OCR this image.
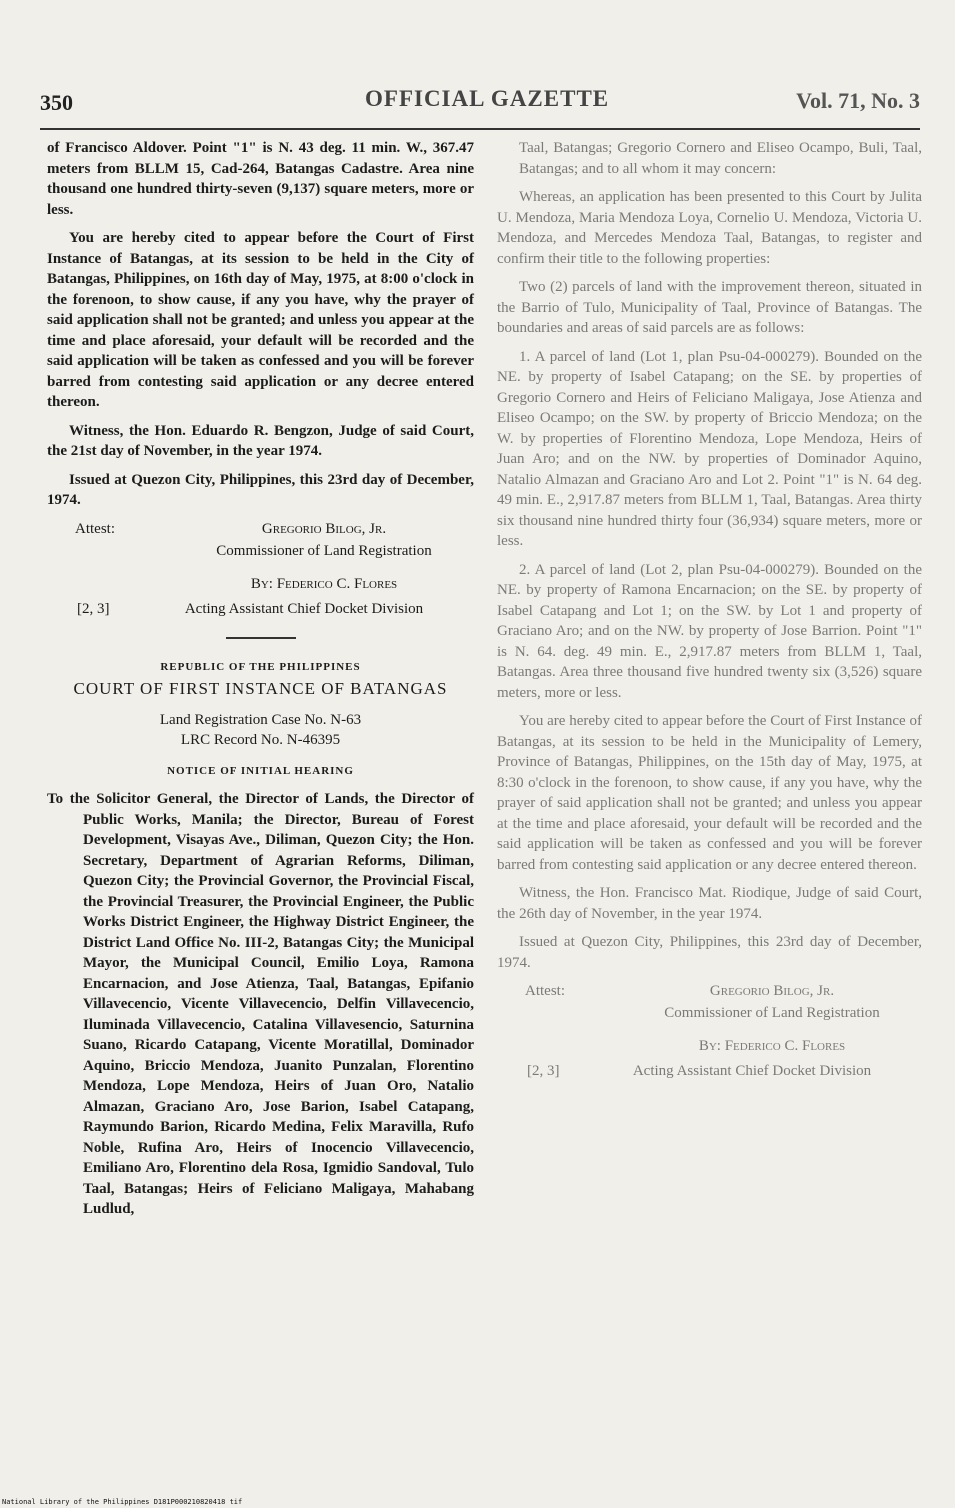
350	OFFICIAL GAZETTE	Vol. 71, No. 3

of Francisco Aldover. Point "1" is N. 43 deg. 11 min. W., 367.47 meters from BLLM 15, Cad-264, Batangas Cadastre. Area nine thousand one hundred thirty-seven (9,137) square meters, more or less.

You are hereby cited to appear before the Court of First Instance of Batangas, at its session to be held in the City of Batangas, Philippines, on 16th day of May, 1975, at 8:00 o'clock in the forenoon, to show cause, if any you have, why the prayer of said application shall not be granted; and unless you appear at the time and place aforesaid, your default will be recorded and the said application will be taken as confessed and you will be forever barred from contesting said application or any decree entered thereon.

Witness, the Hon. Eduardo R. Bengzon, Judge of said Court, the 21st day of November, in the year 1974.

Issued at Quezon City, Philippines, this 23rd day of December, 1974.

Attest:	Gregorio Bilog, Jr.
Commissioner of Land Registration
By: Federico C. Flores
[2, 3]	Acting Assistant Chief Docket Division
REPUBLIC OF THE PHILIPPINES
COURT OF FIRST INSTANCE OF BATANGAS

Land Registration Case No. N-63

LRC Record No. N-46395

NOTICE OF INITIAL HEARING

To the Solicitor General, the Director of Lands, the Director of Public Works, Manila; the Director, Bureau of Forest Development, Visayas Ave., Diliman, Quezon City; the Hon. Secretary, Department of Agrarian Reforms, Diliman, Quezon City; the Provincial Governor, the Provincial Fiscal, the Provincial Treasurer, the Provincial Engineer, the Public Works District Engineer, the Highway District Engineer, the District Land Office No. III-2, Batangas City; the Municipal Mayor, the Municipal Council, Emilio Loya, Ramona Encarnacion, and Jose Atienza, Taal, Batangas, Epifanio Villavecencio, Vicente Villavecencio, Delfin Villavecencio, Iluminada Villavecencio, Catalina Villavesencio, Saturnina Suano, Ricardo Catapang, Vicente Moratillal, Dominador Aquino, Briccio Mendoza, Juanito Punzalan, Florentino Mendoza, Lope Mendoza, Heirs of Juan Oro, Natalio Almazan, Graciano Aro, Jose Barion, Isabel Catapang, Raymundo Barion, Ricardo Medina, Felix Maravilla, Rufo Noble, Rufina Aro, Heirs of Inocencio Villavecencio, Emiliano Aro, Florentino dela Rosa, Igmidio Sandoval, Tulo Taal, Batangas; Heirs of Feliciano Maligaya, Mahabang Ludlud,

Taal, Batangas; Gregorio Cornero and Eliseo Ocampo, Buli, Taal, Batangas; and to all whom it may concern:

Whereas, an application has been presented to this Court by Julita U. Mendoza, Maria Mendoza Loya, Cornelio U. Mendoza, Victoria U. Mendoza, and Mercedes Mendoza Taal, Batangas, to register and confirm their title to the following properties:

Two (2) parcels of land with the improvement thereon, situated in the Barrio of Tulo, Municipality of Taal, Province of Batangas. The boundaries and areas of said parcels are as follows:

1. A parcel of land (Lot 1, plan Psu-04-000279). Bounded on the NE. by property of Isabel Catapang; on the SE. by properties of Gregorio Cornero and Heirs of Feliciano Maligaya, Jose Atienza and Eliseo Ocampo; on the SW. by property of Briccio Mendoza; on the W. by properties of Florentino Mendoza, Lope Mendoza, Heirs of Juan Aro; and on the NW. by properties of Dominador Aquino, Natalio Almazan and Graciano Aro and Lot 2. Point "1" is N. 64 deg. 49 min. E., 2,917.87 meters from BLLM 1, Taal, Batangas. Area thirty six thousand nine hundred thirty four (36,934) square meters, more or less.

2. A parcel of land (Lot 2, plan Psu-04-000279). Bounded on the NE. by property of Ramona Encarnacion; on the SE. by property of Isabel Catapang and Lot 1; on the SW. by Lot 1 and property of Graciano Aro; and on the NW. by property of Jose Barrion. Point "1" is N. 64. deg. 49 min. E., 2,917.87 meters from BLLM 1, Taal, Batangas. Area three thousand five hundred twenty six (3,526) square meters, more or less.

You are hereby cited to appear before the Court of First Instance of Batangas, at its session to be held in the Municipality of Lemery, Province of Batangas, Philippines, on the 15th day of May, 1975, at 8:30 o'clock in the forenoon, to show cause, if any you have, why the prayer of said application shall not be granted; and unless you appear at the time and place aforesaid, your default will be recorded and the said application will be taken as confessed and you will be forever barred from contesting said application or any decree entered thereon.

Witness, the Hon. Francisco Mat. Riodique, Judge of said Court, the 26th day of November, in the year 1974.

Issued at Quezon City, Philippines, this 23rd day of December, 1974.

Attest:	Gregorio Bilog, Jr.
Commissioner of Land Registration
By: Federico C. Flores
[2, 3]	Acting Assistant Chief Docket Division
National Library of the Philippines D181P000210820418 tif
